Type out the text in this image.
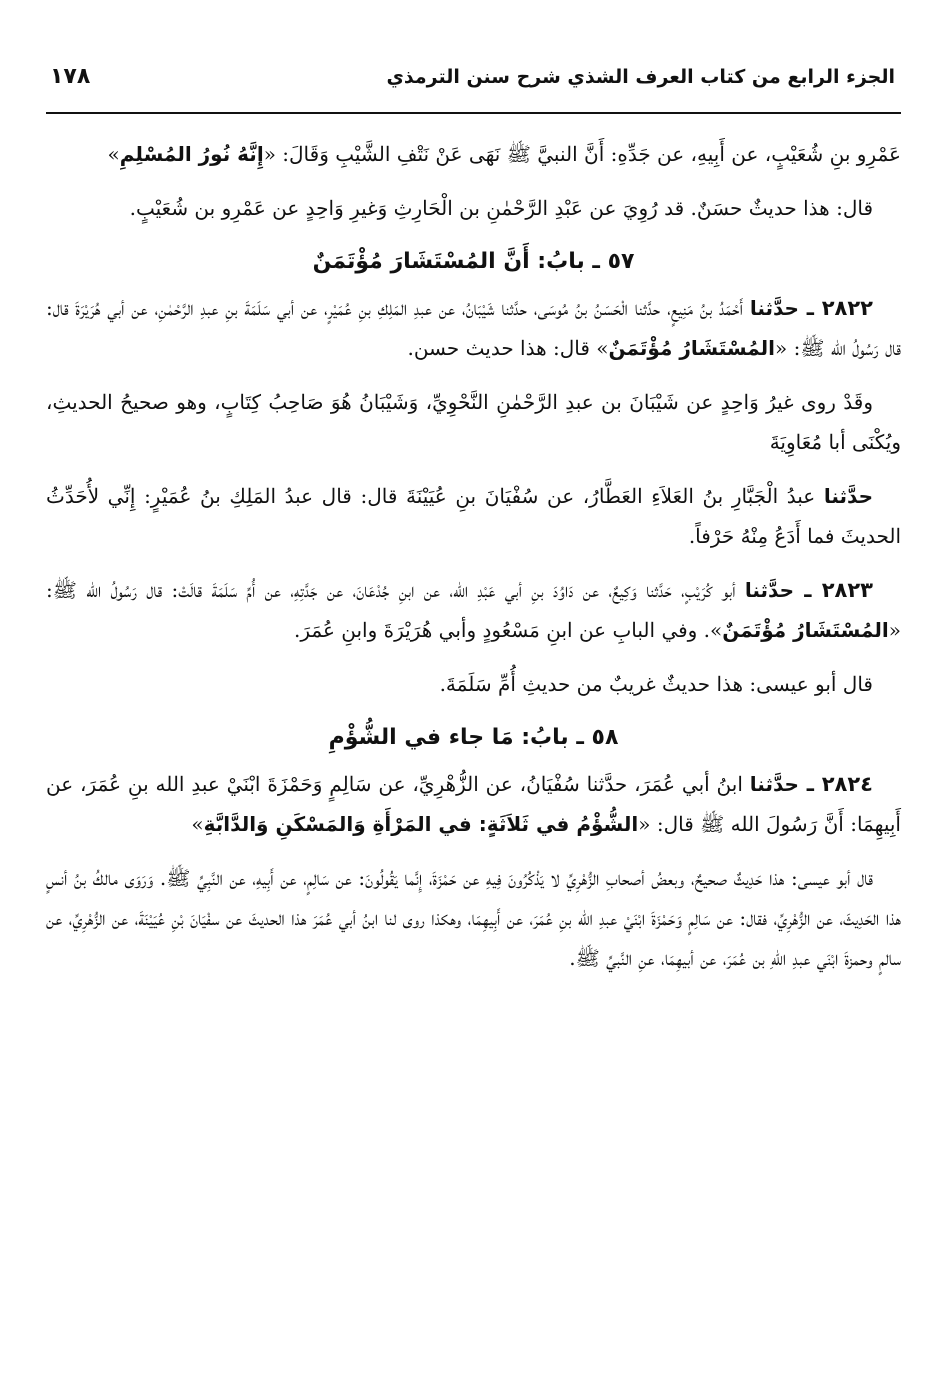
١٧٨	الجزء الرابع من كتاب العرف الشذي شرح سنن الترمذي

عَمْرِو بنِ شُعَيْبٍ، عن أَبِيهِ، عن جَدِّهِ: أَنَّ النبيَّ ﷺ نَهَى عَنْ نَتْفِ الشَّيْبِ وَقَالَ: «إِنَّهُ نُورُ المُسْلِمِ»

قال: هذا حديثٌ حسَنٌ. قد رُوِيَ عن عَبْدِ الرَّحْمٰنِ بن الْحَارِثِ وَغيرِ وَاحِدٍ عن عَمْرِو بن شُعَيْبٍ.

٥٧ ـ بابُ: أَنَّ المُسْتَشَارَ مُؤْتَمَنٌ

٢٨٢٢ ـ حدَّثنا أَحْمَدُ بنُ مَنِيعٍ، حدَّثنا الْحَسَنُ بنُ مُوسَى، حدَّثنا شَيْبَانُ، عن عبدِ المَلِكِ بنِ عُمَيْرٍ، عن أبي سَلَمَةَ بنِ عبدِ الرَّحْمٰنِ، عن أبي هُرَيْرَةَ قال: قال رَسُولُ الله ﷺ: «المُسْتَشَارُ مُؤْتَمَنٌ» قال: هذا حديث حسن.

وقَدْ روى غيرُ وَاحِدٍ عن شَيْبَانَ بن عبدِ الرَّحْمٰنِ النَّحْوِيِّ، وَشَيْبَانُ هُوَ صَاحِبُ كِتَابٍ، وهو صحيحُ الحديثِ، ويُكْنَى أبا مُعَاوِيَةَ

حدَّثنا عبدُ الْجَبَّارِ بنُ العَلاَءِ العَطَّارُ، عن سُفْيَانَ بنِ عُيَيْنَةَ قال: قال عبدُ المَلِكِ بنُ عُمَيْرٍ: إِنِّي لأُحَدِّثُ الحديثَ فما أَدَعُ مِنْهُ حَرْفاً.

٢٨٢٣ ـ حدَّثنا أبو كُرَيْبٍ، حَدَّثنا وَكِيعٌ، عن دَاوُدَ بنِ أبي عَبْدِ الله، عن ابنِ جُدْعَانَ، عن جَدَّتِهِ، عن أُمِّ سَلَمَةَ قالَتْ: قال رَسُولُ الله ﷺ: «المُسْتَشَارُ مُؤْتَمَنٌ». وفي البابِ عن ابنِ مَسْعُودٍ وأبي هُرَيْرَةَ وابنِ عُمَرَ.

قال أبو عيسى: هذا حديثٌ غريبٌ من حديثِ أُمِّ سَلَمَةَ.

٥٨ ـ بابُ: مَا جاء في الشُّؤْمِ

٢٨٢٤ ـ حدَّثنا ابنُ أبي عُمَرَ، حدَّثنا سُفْيَانُ، عن الزُّهْرِيِّ، عن سَالِمٍ وَحَمْزَةَ ابْنَيْ عبدِ الله بنِ عُمَرَ، عن أَبِيهِمَا: أَنَّ رَسُولَ الله ﷺ قال: «الشُّؤْمُ في ثَلاَثَةٍ: في المَرْأَةِ وَالمَسْكَنِ وَالدَّابَّةِ»

قال أبو عيسى: هذا حَدِيثٌ صحيحٌ، وبعضُ أصحابِ الزُّهْرِيِّ لا يَذْكُرُونَ فِيهِ عن حَمْزَةَ، إِنَّما يَقُولُونَ: عن سَالِمٍ، عن أَبِيهِ، عن النَّبِيِّ ﷺ. وَرَوَى مالكُ بنُ أنسٍ هذا الحَدِيثَ، عن الزُّهْرِيِّ، فقال: عن سَالِمٍ وَحَمْزَةَ ابْنَيْ عبدِ الله بنِ عُمَرَ، عن أَبِيهِمَا، وهكذا روى لنا ابنُ أبي عُمَرَ هذا الحديثَ عن سفْيَانَ بْنِ عُيَيْنَةَ، عن الزُّهْرِيِّ، عن سالمٍ وحمزةَ ابْنَي عبدِ اللهِ بن عُمَرَ، عن أبيهِمَا، عنِ النَّبيِّ ﷺ.
